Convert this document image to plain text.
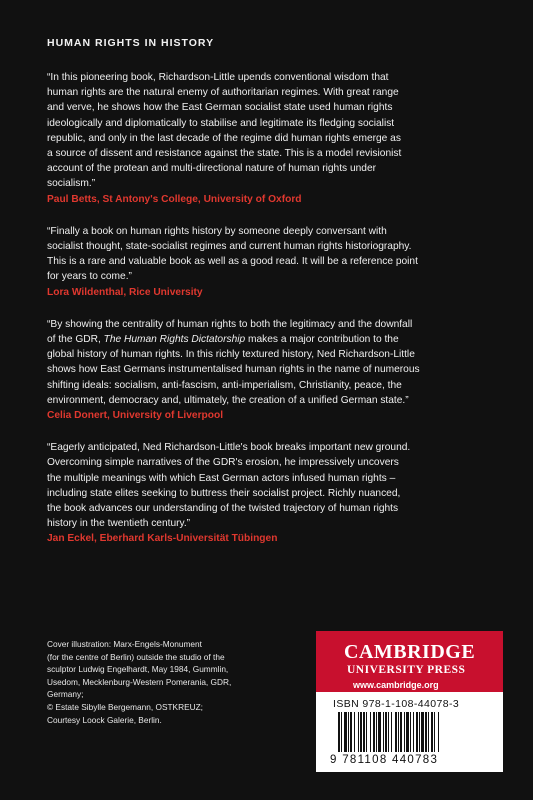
HUMAN RIGHTS IN HISTORY

“In this pioneering book, Richardson-Little upends conventional wisdom that
human rights are the natural enemy of authoritarian regimes. With great range
and verve, he shows how the East German socialist state used human rights
ideologically and diplomatically to stabilise and legitimate its fledging socialist
republic, and only in the last decade of the regime did human rights emerge as
a source of dissent and resistance against the state. This is a model revisionist
account of the protean and multi-directional nature of human rights under
socialism.”

Paul Betts, St Antony's College, University of Oxford

“Finally a book on human rights history by someone deeply conversant with
socialist thought, state-socialist regimes and current human rights historiography.
This is a rare and valuable book as well as a good read. It will be a reference point
for years to come.”

Lora Wildenthal, Rice University

“By showing the centrality of human rights to both the legitimacy and the downfall
of the GDR, The Human Rights Dictatorship makes a major contribution to the
global history of human rights. In this richly textured history, Ned Richardson-Little
shows how East Germans instrumentalised human rights in the name of numerous
shifting ideals: socialism, anti-fascism, anti-imperialism, Christianity, peace, the
environment, democracy and, ultimately, the creation of a unified German state.”

Celia Donert, University of Liverpool

“Eagerly anticipated, Ned Richardson-Little's book breaks important new ground.
Overcoming simple narratives of the GDR's erosion, he impressively uncovers
the multiple meanings with which East German actors infused human rights –
including state elites seeking to buttress their socialist project. Richly nuanced,
the book advances our understanding of the twisted trajectory of human rights
history in the twentieth century.”

Jan Eckel, Eberhard Karls-Universität Tübingen

Cover illustration: Marx-Engels-Monument
(for the centre of Berlin) outside the studio of the
sculptor Ludwig Engelhardt, May 1984, Gummlin,
Usedom, Mecklenburg-Western Pomerania, GDR,
Germany;
© Estate Sibylle Bergemann, OSTKREUZ;
Courtesy Loock Galerie, Berlin.
CAMBRIDGE
UNIVERSITY PRESS
www.cambridge.org
ISBN 978-1-108-44078-3
9 781108 440783
